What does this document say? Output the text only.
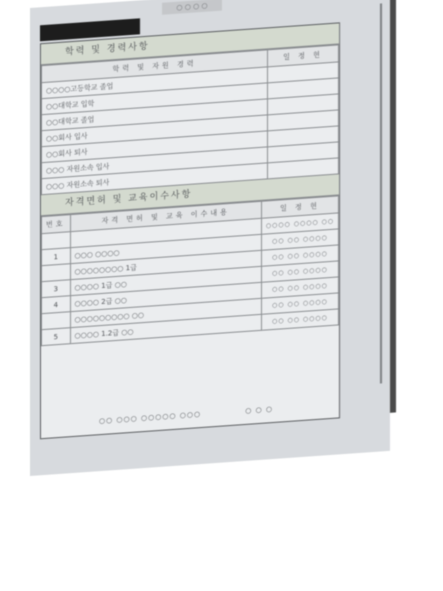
○ ○ ○ ○
학력 및 경력사항
학력 및 자원 경력	일 정 현
○○○○고등학교 졸업	
○○대학교 입학	
○○대학교 졸업	
○○회사 입사	
○○회사 퇴사	
○○○ 자원소속 입사	
○○○ 자원소속 퇴사	
자격면허 및 교육이수사항
번호	자격 면허 및 교육 이수내용	일 정 현
		○○○○ ○○○○ ○○
1	○○○ ○○○○	○○ ○○ ○○○○
	○○○○○○○○ 1급	○○ ○○ ○○○○
3	○○○○ 1급 ○○	○○ ○○ ○○○○
4	○○○○ 2급 ○○	○○ ○○ ○○○○
	○○○○○○○○○ ○○	○○ ○○ ○○○○
5	○○○○ 1.2급 ○○	○○ ○○ ○○○○
○○ ○○○ ○○○○○ ○○○
○ ○ ○
